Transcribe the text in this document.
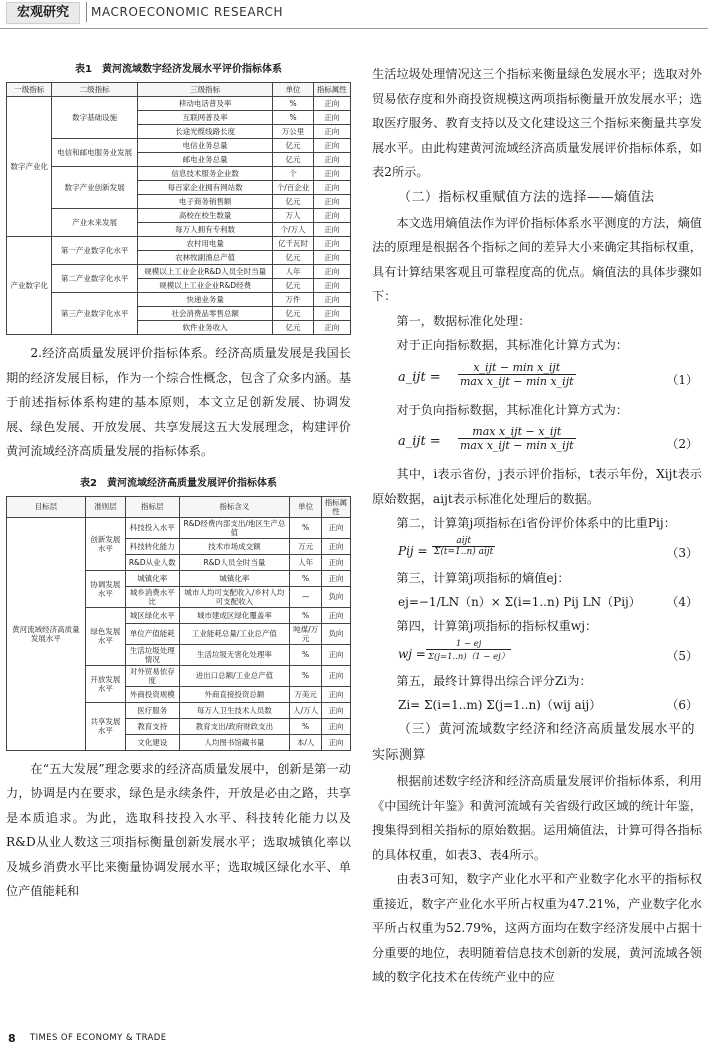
宏观研究	MACROECONOMIC RESEARCH
表1　黄河流域数字经济发展水平评价指标体系
一级指标	二级指标	三级指标	单位	指标属性
数字产业化	数字基础设施	移动电话普及率	%	正向
		互联网普及率	%	正向
		长途光缆线路长度	万公里	正向
	电信和邮电服务业发展	电信业务总量	亿元	正向
		邮电业务总量	亿元	正向
	数字产业创新发展	信息技术服务企业数	个	正向
		每百家企业拥有网站数	个/百企业	正向
		电子商务销售额	亿元	正向
	产业未来发展	高校在校生数量	万人	正向
		每万人拥有专利数	个/万人	正向
产业数字化	第一产业数字化水平	农村用电量	亿千瓦时	正向
		农林牧副渔总产值	亿元	正向
	第二产业数字化水平	规模以上工业企业R&D人员全时当量	人年	正向
		规模以上工业企业R&D经费	亿元	正向
	第三产业数字化水平	快递业务量	万件	正向
		社会消费品零售总额	亿元	正向
		软件业务收入	亿元	正向

2.经济高质量发展评价指标体系。经济高质量发展是我国长期的经济发展目标，作为一个综合性概念，包含了众多内涵。基于前述指标体系构建的基本原则，本文立足创新发展、协调发展、绿色发展、开放发展、共享发展这五大发展理念，构建评价黄河流域经济高质量发展的指标体系。

表2　黄河流域经济高质量发展评价指标体系
目标层	准则层	指标层	指标含义	单位	指标属性
黄河流域经济高质量发展水平	创新发展水平	科技投入水平	R&D经费内部支出/地区生产总值	%	正向
		科技转化能力	技术市场成交额	万元	正向
		R&D从业人数	R&D人员全时当量	人年	正向
	协调发展水平	城镇化率	城镇化率	%	正向
		城乡消费水平比	城市人均可支配收入/乡村人均可支配收入	—	负向
	绿色发展水平	城区绿化水平	城市建成区绿化覆盖率	%	正向
		单位产值能耗	工业能耗总量/工业总产值	吨煤/万元	负向
		生活垃圾处理情况	生活垃圾无害化处理率	%	正向
	开放发展水平	对外贸易依存度	进出口总额/工业总产值	%	正向
		外商投资规模	外商直接投资总额	万美元	正向
	共享发展水平	医疗服务	每万人卫生技术人员数	人/万人	正向
		教育支持	教育支出/政府财政支出	%	正向
		文化建设	人均图书馆藏书量	本/人	正向

在“五大发展”理念要求的经济高质量发展中，创新是第一动力，协调是内在要求，绿色是永续条件，开放是必由之路，共享是本质追求。为此，选取科技投入水平、科技转化能力以及R&D从业人数这三项指标衡量创新发展水平；选取城镇化率以及城乡消费水平比来衡量协调发展水平；选取城区绿化水平、单位产值能耗和

生活垃圾处理情况这三个指标来衡量绿色发展水平；选取对外贸易依存度和外商投资规模这两项指标衡量开放发展水平；选取医疗服务、教育支持以及文化建设这三个指标来衡量共享发展水平。由此构建黄河流域经济高质量发展评价指标体系，如表2所示。

（二）指标权重赋值方法的选择——熵值法

本文选用熵值法作为评价指标体系水平测度的方法，熵值法的原理是根据各个指标之间的差异大小来确定其指标权重，具有计算结果客观且可靠程度高的优点。熵值法的具体步骤如下：

第一，数据标准化处理：

对于正向指标数据，其标准化计算方式为：

a_ijt =
x_ijt − min x_ijt
max x_ijt − min x_ijt	（1）

对于负向指标数据，其标准化计算方式为：

a_ijt =
max x_ijt − x_ijt
max x_ijt − min x_ijt	（2）

其中，i表示省份，j表示评价指标，t表示年份，Xijt表示原始数据，aijt表示标准化处理后的数据。

第二，计算第j项指标在i省份评价体系中的比重Pij：

Pij =
aijt
Σ(t=1..n) aijt	（3）

第三，计算第j项指标的熵值ej：

ej=−1/LN（n）× Σ(i=1..n) Pij LN（Pij） （4）

第四，计算第j项指标的指标权重wj：

wj = $\frac{1 - ej}{\Sigma(j=1..n)(1 - ej)}$	（5）

第五，最终计算得出综合评分Zi为：

Zi= Σ(i=1..m) Σ(j=1..n)（wij aij）	（6）

（三）黄河流域数字经济和经济高质量发展水平的实际测算

根据前述数字经济和经济高质量发展评价指标体系，利用《中国统计年鉴》和黄河流域有关省级行政区域的统计年鉴，搜集得到相关指标的原始数据。运用熵值法，计算可得各指标的具体权重，如表3、表4所示。

由表3可知，数字产业化水平和产业数字化水平的指标权重接近，数字产业化水平所占权重为47.21%，产业数字化水平所占权重为52.79%，这两方面均在数字经济发展中占据十分重要的地位，表明随着信息技术创新的发展，黄河流域各领域的数字化技术在传统产业中的应

8 TIMES OF ECONOMY & TRADE
